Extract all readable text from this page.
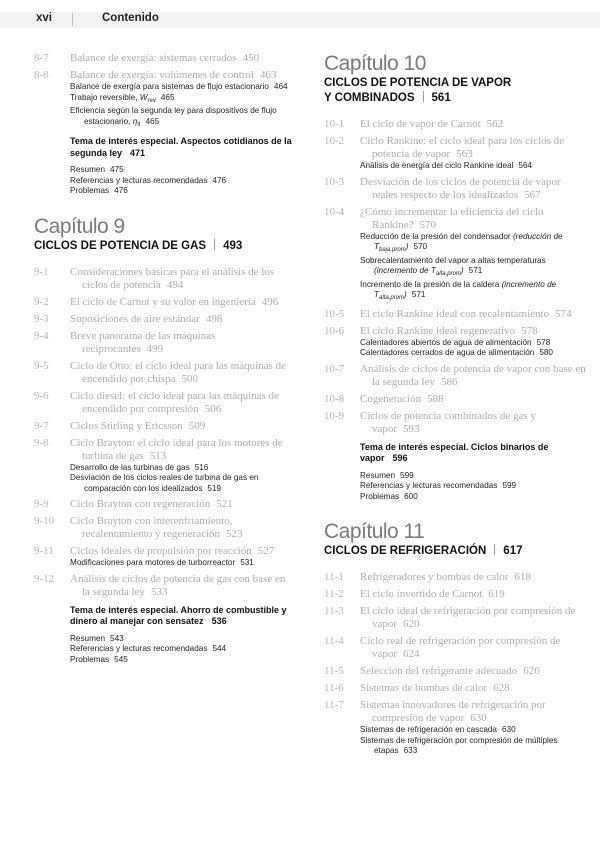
xvi	Contenido
8-7	Balance de exergía: sistemas cerrados 450
8-8	Balance de exergía: volúmenes de control 463
Balance de exergía para sistemas de flujo estacionario 464
Trabajo reversible, $W_{rev}$ 465
Eficiencia según la segunda ley para dispositivos de flujo estacionario, $\eta_{II}$ 465
Tema de interés especial. Aspectos cotidianos de la segunda ley 471
Resumen 475
Referencias y lecturas recomendadas 476
Problemas 476
Capítulo 9
CICLOS DE POTENCIA DE GAS 493
9-1	Consideraciones básicas para el análisis de los ciclos de potencia 494
9-2	El ciclo de Carnot y su valor en ingeniería 496
9-3	Suposiciones de aire estándar 498
9-4	Breve panorama de las máquinas reciprocantes 499
9-5	Ciclo de Otto: el ciclo ideal para las máquinas de encendido por chispa 500
9-6	Ciclo diesel: el ciclo ideal para las máquinas de encendido por compresión 506
9-7	Ciclos Stirling y Ericsson 509
9-8	Ciclo Brayton: el ciclo ideal para los motores de turbina de gas 513
Desarrollo de las turbinas de gas 516
Desviación de los ciclos reales de turbina de gas en comparación con los idealizados 519
9-9	Ciclo Brayton con regeneración 521
9-10	Ciclo Brayton con interenfriamiento, recalentamiento y regeneración 523
9-11	Ciclos ideales de propulsión por reacción 527
Modificaciones para motores de turborreactor 531
9-12	Análisis de ciclos de potencia de gas con base en la segunda ley 533
Tema de interés especial. Ahorro de combustible y dinero al manejar con sensatez 536
Resumen 543
Referencias y lecturas recomendadas 544
Problemas 545
Capítulo 10
CICLOS DE POTENCIA DE VAPOR
Y COMBINADOS 561
10-1	El ciclo de vapor de Carnot 562
10-2	Ciclo Rankine: el ciclo ideal para los ciclos de potencia de vapor 563
Análisis de energía del ciclo Rankine ideal 564
10-3	Desviación de los ciclos de potencia de vapor reales respecto de los idealizados 567
10-4	¿Cómo incrementar la eficiencia del ciclo Rankine? 570
Reducción de la presión del condensador (reducción de $T_{baja,prom}$) 570
Sobrecalentamiento del vapor a altas temperaturas (incremento de $T_{alta,prom}$) 571
Incremento de la presión de la caldera (incremento de $T_{alta,prom}$) 571
10-5	El ciclo Rankine ideal con recalentamiento 574
10-6	El ciclo Rankine ideal regenerativo 578
Calentadores abiertos de agua de alimentación 578
Calentadores cerrados de agua de alimentación 580
10-7	Análisis de ciclos de potencia de vapor con base en la segunda ley 586
10-8	Cogeneración 588
10-9	Ciclos de potencia combinados de gas y vapor 593
Tema de interés especial. Ciclos binarios de vapor 596
Resumen 599
Referencias y lecturas recomendadas 599
Problemas 600
Capítulo 11
CICLOS DE REFRIGERACIÓN 617
11-1	Refrigeradores y bombas de calor 618
11-2	El ciclo invertido de Carnot 619
11-3	El ciclo ideal de refrigeración por compresión de vapor 620
11-4	Ciclo real de refrigeración por compresión de vapor 624
11-5	Selección del refrigerante adecuado 626
11-6	Sistemas de bombas de calor 628
11-7	Sistemas innovadores de refrigeración por compresión de vapor 630
Sistemas de refrigeración en cascada 630
Sistemas de refrigeración por compresión de múltiples etapas 633
